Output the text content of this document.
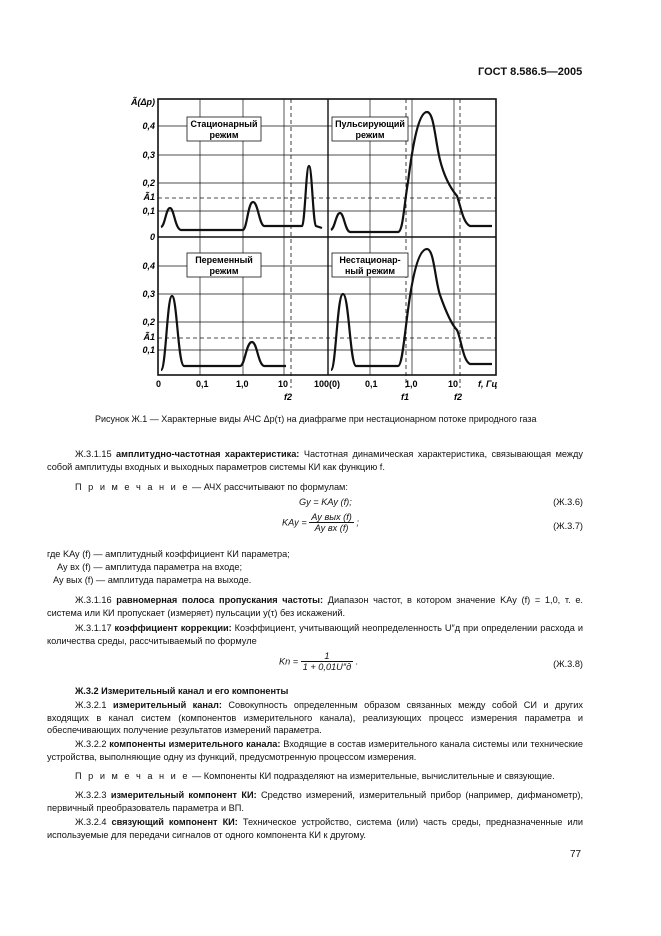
ГОСТ 8.586.5—2005
Стационарный
режим
Пульсирующий
режим
Переменный
режим
Нестационар-
ный режим
Ã(Δp)
0,4
0,3
0,2
Ã1
0,1
0
0,4
0,3
0,2
Ã1
0,1
0	0,1	1,0	10	100(0)	0,1	1,0	10 f, Гц
f2	f1	f2
Рисунок Ж.1 — Характерные виды АЧС Δp(τ) на диафрагме при нестационарном потоке природного газа
Ж.3.1.15 амплитудно-частотная характеристика: Частотная динамическая характеристика, связывающая между собой амплитуды входных и выходных параметров системы КИ как функцию f.
П р и м е ч а н и е — АЧХ рассчитывают по формулам:
Gy = KAy (f);	(Ж.3.6)
KAy = $\frac{\text{Ay вых (f)}}{\text{Ay вх (f)}}$ ;	(Ж.3.7)
где KAy (f) — амплитудный коэффициент КИ параметра;
Ay вх (f) — амплитуда параметра на входе;
Ay вых (f) — амплитуда параметра на выходе.
Ж.3.1.16 равномерная полоса пропускания частоты: Диапазон частот, в котором значение KAy (f) = 1,0, т. е. система или КИ пропускает (измеряет) пульсации y(τ) без искажений.
Ж.3.1.17 коэффициент коррекции: Коэффициент, учитывающий неопределенность U″д при определении расхода и количества среды, рассчитываемый по формуле
$Kn = \frac{1}{1 + 0,01U''д}$ .	(Ж.3.8)
Ж.3.2 Измерительный канал и его компоненты
Ж.3.2.1 измерительный канал: Совокупность определенным образом связанных между собой СИ и других входящих в канал систем (компонентов измерительного канала), реализующих процесс измерения параметра и обеспечивающих получение результатов измерений параметра.
Ж.3.2.2 компоненты измерительного канала: Входящие в состав измерительного канала системы или технические устройства, выполняющие одну из функций, предусмотренную процессом измерения.
П р и м е ч а н и е — Компоненты КИ подразделяют на измерительные, вычислительные и связующие.
Ж.3.2.3 измерительный компонент КИ: Средство измерений, измерительный прибор (например, дифманометр), первичный преобразователь параметра и ВП.
Ж.3.2.4 связующий компонент КИ: Техническое устройство, система (или) часть среды, предназначенные или используемые для передачи сигналов от одного компонента КИ к другому.
77
